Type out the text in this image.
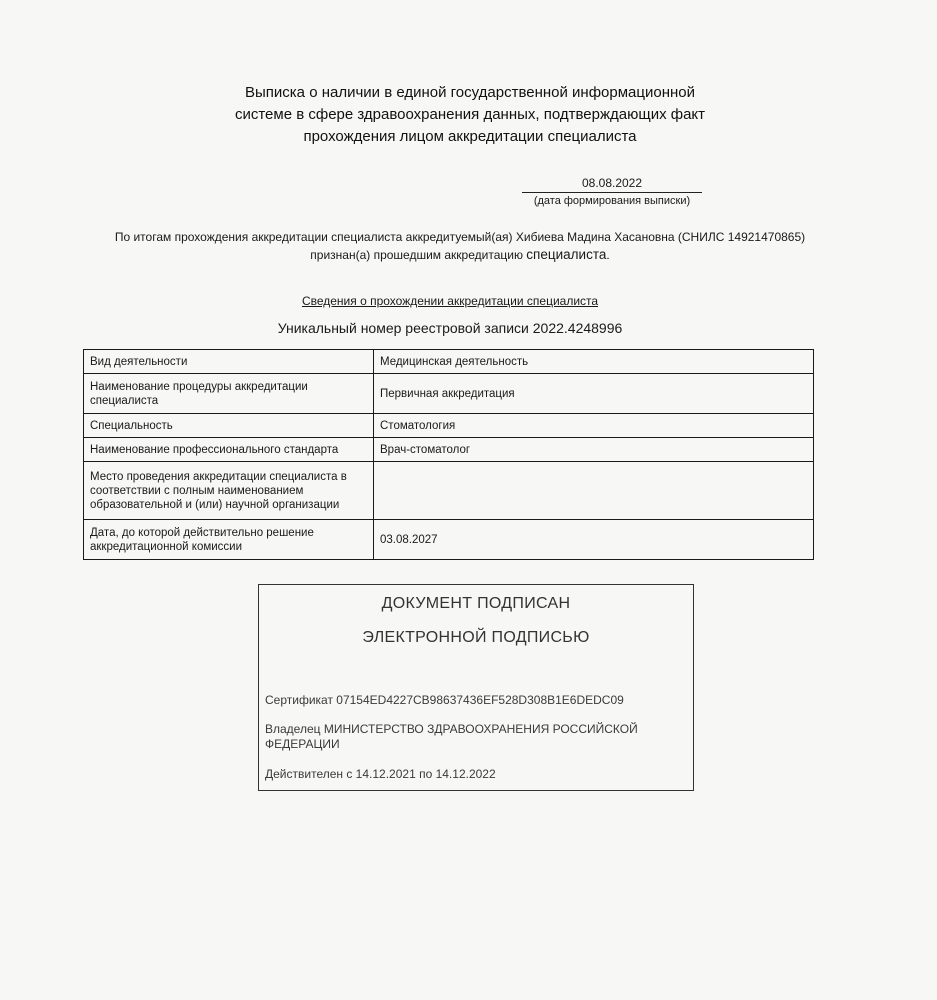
Выписка о наличии в единой государственной информационной
системе в сфере здравоохранения данных, подтверждающих факт
прохождения лицом аккредитации специалиста
08.08.2022
(дата формирования выписки)
По итогам прохождения аккредитации специалиста аккредитуемый(ая) Хибиева Мадина Хасановна (СНИЛС 14921470865)
признан(а) прошедшим аккредитацию специалиста.
Сведения о прохождении аккредитации специалиста
Уникальный номер реестровой записи 2022.4248996
Вид деятельности	Медицинская деятельность
Наименование процедуры аккредитации специалиста	Первичная аккредитация
Специальность	Стоматология
Наименование профессионального стандарта	Врач-стоматолог
Место проведения аккредитации специалиста в соответствии с полным наименованием образовательной и (или) научной организации	
Дата, до которой действительно решение аккредитационной комиссии	03.08.2027
ДОКУМЕНТ ПОДПИСАН
ЭЛЕКТРОННОЙ ПОДПИСЬЮ
Сертификат 07154ED4227CB98637436EF528D308B1E6DEDC09
Владелец МИНИСТЕРСТВО ЗДРАВООХРАНЕНИЯ РОССИЙСКОЙ ФЕДЕРАЦИИ
Действителен с 14.12.2021 по 14.12.2022
